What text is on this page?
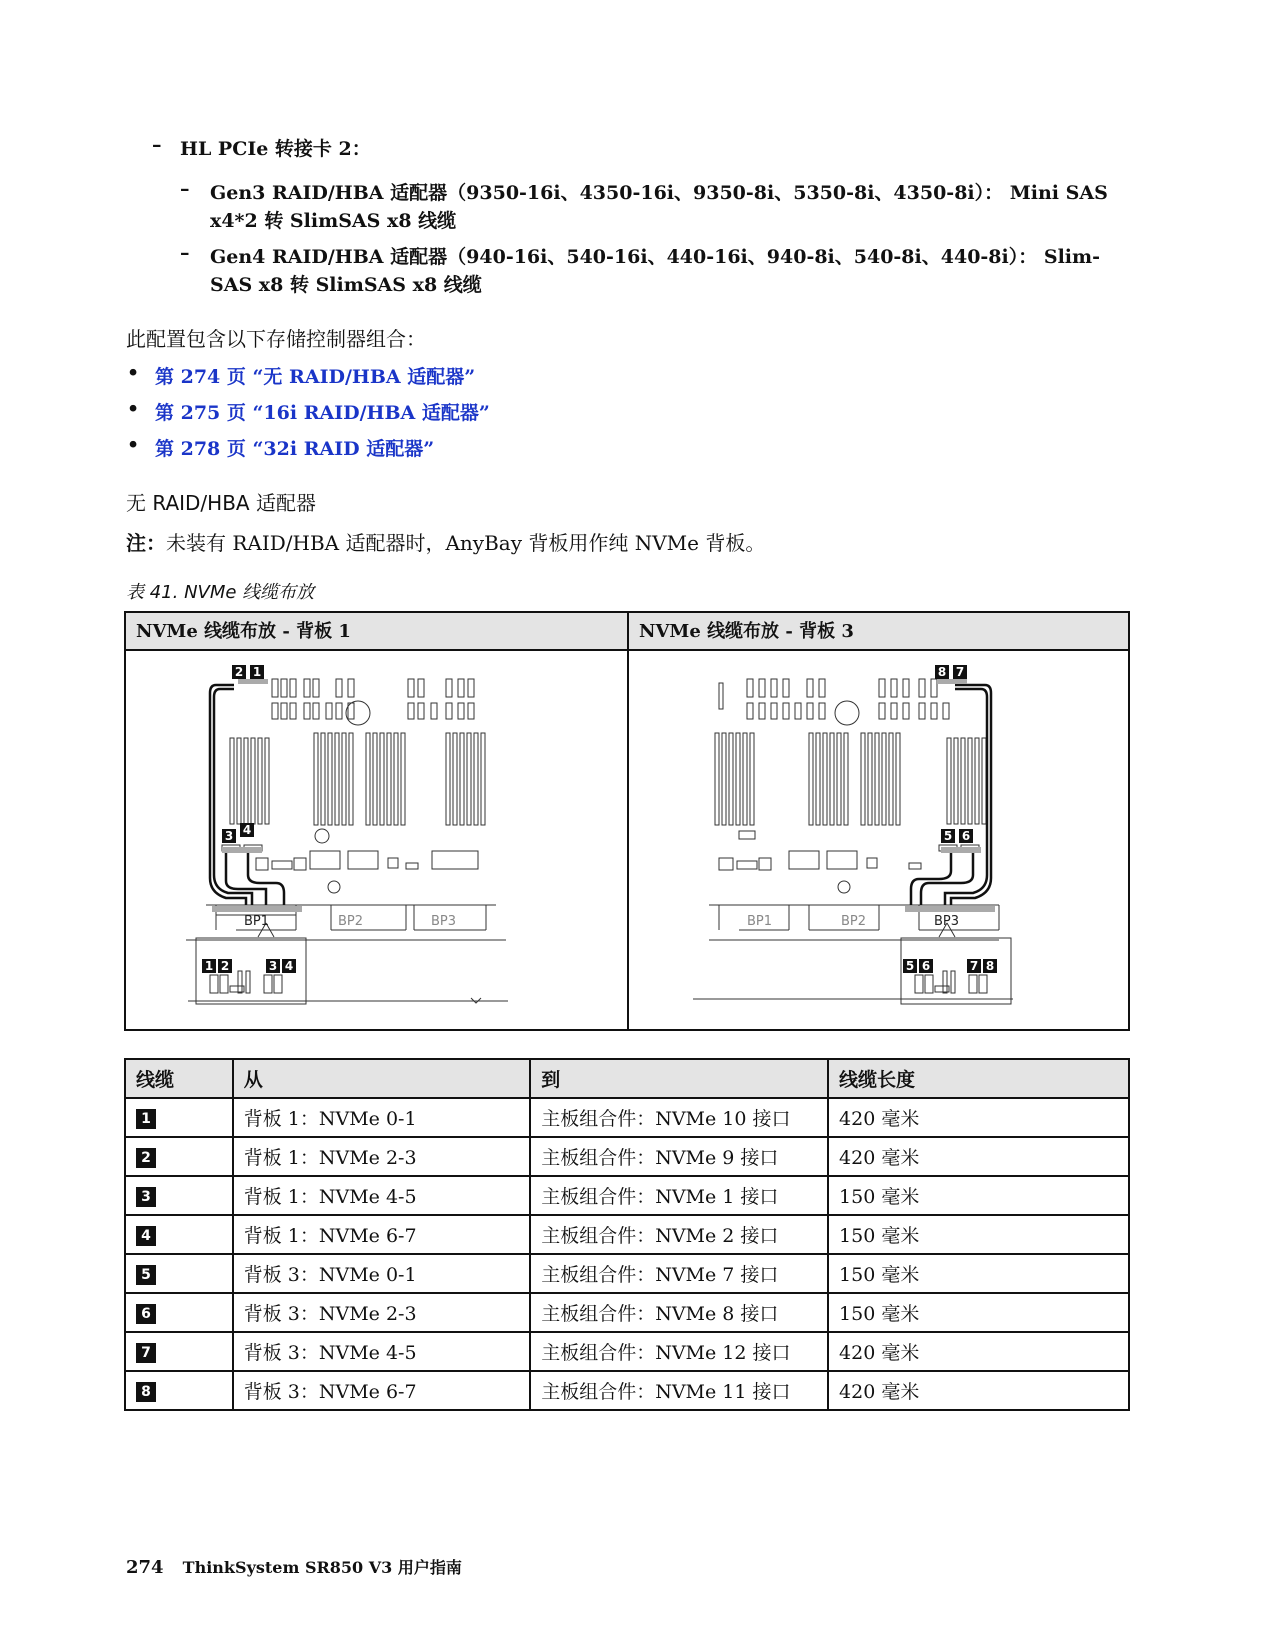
– HL PCIe 转接卡 2：
– Gen3 RAID/HBA 适配器（9350-16i、4350-16i、9350-8i、5350-8i、4350-8i）： Mini SAS
x4*2 转 SlimSAS x8 线缆
– Gen4 RAID/HBA 适配器（940-16i、540-16i、440-16i、940-8i、540-8i、440-8i）： Slim-
SAS x8 转 SlimSAS x8 线缆
此配置包含以下存储控制器组合：
• 第 274 页 “无 RAID/HBA 适配器”
• 第 275 页 “16i RAID/HBA 适配器”
• 第 278 页 “32i RAID 适配器”
无 RAID/HBA 适配器
注：未装有 RAID/HBA 适配器时，AnyBay 背板用作纯 NVMe 背板。
表 41. NVMe 线缆布放
NVMe 线缆布放 - 背板 1	NVMe 线缆布放 - 背板 3
2 1
3 4
1 2	3 4
BP1	BP2	BP3
8 7
5 6
5 6	7 8
BP1	BP2	BP3
线缆	从	到	线缆长度
1	背板 1：NVMe 0-1	主板组合件：NVMe 10 接口	420 毫米
2	背板 1：NVMe 2-3	主板组合件：NVMe 9 接口	420 毫米
3	背板 1：NVMe 4-5	主板组合件：NVMe 1 接口	150 毫米
4	背板 1：NVMe 6-7	主板组合件：NVMe 2 接口	150 毫米
5	背板 3：NVMe 0-1	主板组合件：NVMe 7 接口	150 毫米
6	背板 3：NVMe 2-3	主板组合件：NVMe 8 接口	150 毫米
7	背板 3：NVMe 4-5	主板组合件：NVMe 12 接口	420 毫米
8	背板 3：NVMe 6-7	主板组合件：NVMe 11 接口	420 毫米
274 ThinkSystem SR850 V3 用户指南
